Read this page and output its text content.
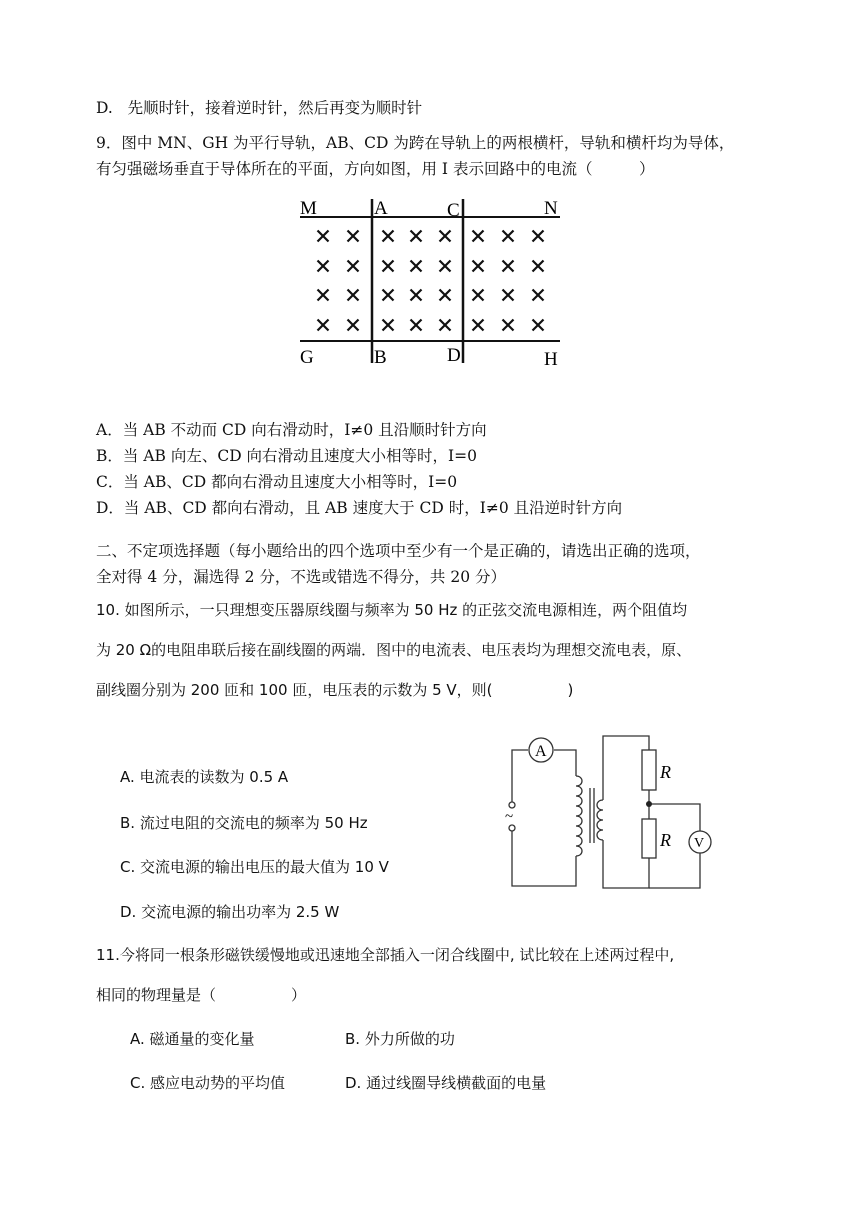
D. 先顺时针，接着逆时针，然后再变为顺时针
9．图中 MN、GH 为平行导轨，AB、CD 为跨在导轨上的两根横杆，导轨和横杆均为导体，
有匀强磁场垂直于导体所在的平面，方向如图，用 I 表示回路中的电流（　　　）
M	A	C	N
G	B	D	H
A．当 AB 不动而 CD 向右滑动时，I≠0 且沿顺时针方向
B．当 AB 向左、CD 向右滑动且速度大小相等时，I=0
C．当 AB、CD 都向右滑动且速度大小相等时，I=0
D．当 AB、CD 都向右滑动，且 AB 速度大于 CD 时，I≠0 且沿逆时针方向
二、不定项选择题（每小题给出的四个选项中至少有一个是正确的，请选出正确的选项，
全对得 4 分，漏选得 2 分，不选或错选不得分，共 20 分）
10. 如图所示，一只理想变压器原线圈与频率为 50 Hz 的正弦交流电源相连，两个阻值均
为 20 Ω的电阻串联后接在副线圈的两端．图中的电流表、电压表均为理想交流电表，原、
副线圈分别为 200 匝和 100 匝，电压表的示数为 5 V，则(　　　　　)
A. 电流表的读数为 0.5 A
B. 流过电阻的交流电的频率为 50 Hz
C. 交流电源的输出电压的最大值为 10 V
D. 交流电源的输出功率为 2.5 W
A
V
R
R
~
11.今将同一根条形磁铁缓慢地或迅速地全部插入一闭合线圈中, 试比较在上述两过程中,
相同的物理量是（　　　　　）
A. 磁通量的变化量	B. 外力所做的功
C. 感应电动势的平均值	D. 通过线圈导线横截面的电量
